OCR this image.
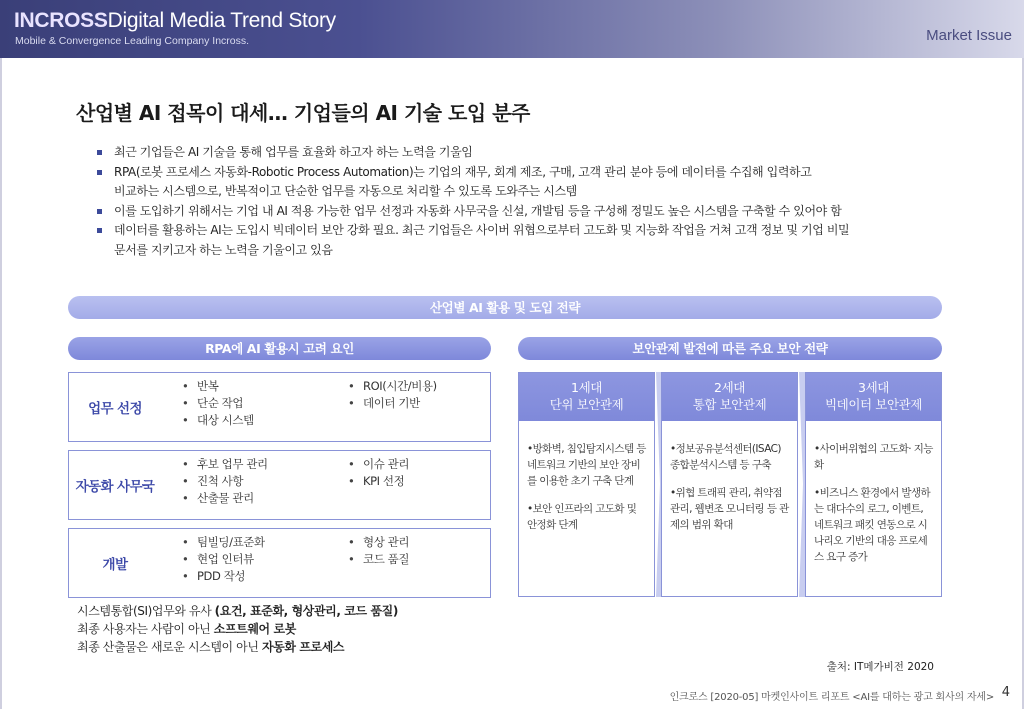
INCROSSDigital Media Trend Story
Mobile & Convergence Leading Company Incross.	Market Issue
산업별 AI 접목이 대세… 기업들의 AI 기술 도입 분주
최근 기업들은 AI 기술을 통해 업무를 효율화 하고자 하는 노력을 기울임
RPA(로봇 프로세스 자동화-Robotic Process Automation)는 기업의 재무, 회계 제조, 구매, 고객 관리 분야 등에 데이터를 수집해 입력하고
비교하는 시스템으로, 반복적이고 단순한 업무를 자동으로 처리할 수 있도록 도와주는 시스템
이를 도입하기 위해서는 기업 내 AI 적용 가능한 업무 선정과 자동화 사무국을 신설, 개발팀 등을 구성해 정밀도 높은 시스템을 구축할 수 있어야 함
데이터를 활용하는 AI는 도입시 빅데이터 보안 강화 필요. 최근 기업들은 사이버 위협으로부터 고도화 및 지능화 작업을 거쳐 고객 정보 및 기업 비밀
문서를 지키고자 하는 노력을 기울이고 있음
산업별 AI 활용 및 도입 전략
RPA에 AI 활용시 고려 요인	보안관제 발전에 따른 주요 보안 전략
업무 선정
• 반복
• 단순 작업
• 대상 시스템
• ROI(시간/비용)
• 데이터 기반
자동화 사무국
• 후보 업무 관리
• 진척 사항
• 산출물 관리
• 이슈 관리
• KPI 선정
개발
• 팀빌딩/표준화
• 현업 인터뷰
• PDD 작성
• 형상 관리
• 코드 품질
1세대
단위 보안관제

•방화벽, 침입탐지시스템 등 네트워크 기반의 보안 장비를 이용한 초기 구축 단계

•보안 인프라의 고도화 및 안정화 단계

2세대
통합 보안관제

•정보공유분석센터(ISAC) 종합분석시스템 등 구축

•위협 트래픽 관리, 취약점 관리, 웹변조 모니터링 등 관제의 범위 확대

3세대
빅데이터 보안관제

•사이버위협의 고도화· 지능화

•비즈니스 환경에서 발생하는 대다수의 로그, 이벤트, 네트워크 패킷 연동으로 시나리오 기반의 대응 프로세스 요구 증가

시스템통합(SI)업무와 유사 (요건, 표준화, 형상관리, 코드 품질)
최종 사용자는 사람이 아닌 소프트웨어 로봇
최종 산출물은 새로운 시스템이 아닌 자동화 프로세스
출처: IT메가비전 2020
인크로스 [2020-05] 마켓인사이트 리포트 <AI를 대하는 광고 회사의 자세> 4
